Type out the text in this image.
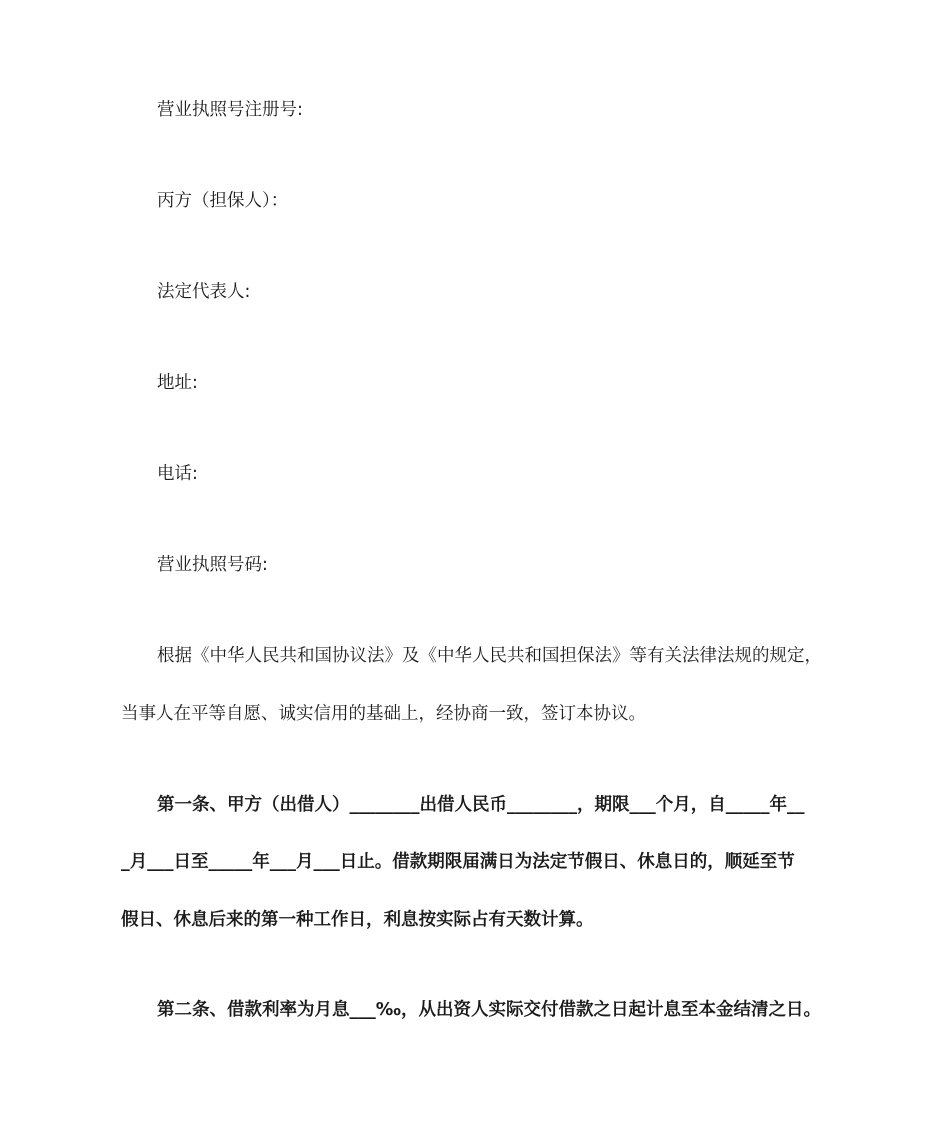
营业执照号注册号:
丙方（担保人）：
法定代表人:
地址:
电话:
营业执照号码:
根据《中华人民共和国协议法》及《中华人民共和国担保法》等有关法律法规的规定，
当事人在平等自愿、诚实信用的基础上，经协商一致，签订本协议。
第一条、甲方（出借人）________出借人民币________，期限___个月，自_____年__
_月___日至_____年___月___日止。借款期限届满日为法定节假日、休息日的，顺延至节
假日、休息后来的第一种工作日，利息按实际占有天数计算。
第二条、借款利率为月息___‰，从出资人实际交付借款之日起计息至本金结清之日。
